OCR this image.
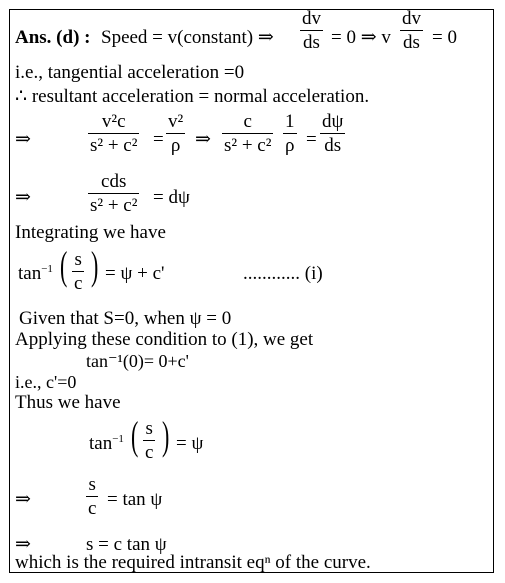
Ans. (d) : Speed = v(constant) ⇒
dv
ds = 0 ⇒ v
dv
ds = 0
i.e., tangential acceleration =0
∴ resultant acceleration = normal acceleration.
⇒
v²c
s² + c² =
v²
ρ ⇒
c
s² + c²
1
ρ =
dψ
ds
⇒
cds
s² + c² = dψ
Integrating we have
$\tan^{-1}$ ( s
c ) = ψ + c'	............ (i)
Given that S=0, when ψ = 0
Applying these condition to (1), we get
tan⁻¹(0)= 0+c'
i.e., c'=0
Thus we have
$\tan^{-1}$ ( s
c ) = ψ
⇒
s
c = tan ψ
⇒	s = c tan ψ
which is the required intransit eqⁿ of the curve.
